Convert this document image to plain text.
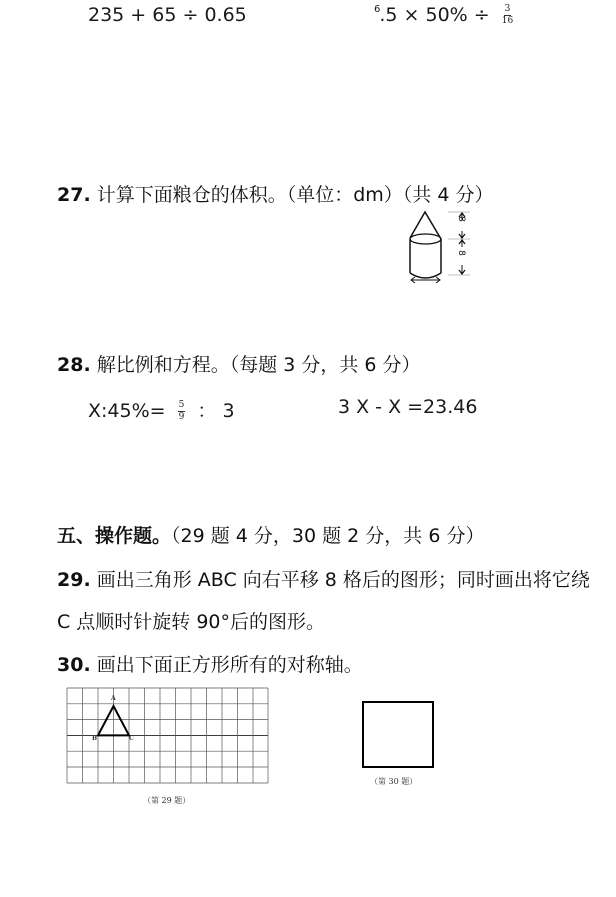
235 + 65 ÷ 0.65	$^6.5 \times 50\% \div \frac{3}{16}$
27. 计算下面粮仓的体积。（单位：dm）（共 4 分）
8
8
28. 解比例和方程。（每题 3 分，共 6 分）
X:45%= $\frac{5}{9}$ ： 3	3 X - X =23.46
五、操作题。（29 题 4 分，30 题 2 分，共 6 分）
29. 画出三角形 ABC 向右平移 8 格后的图形；同时画出将它绕
C 点顺时针旋转 90°后的图形。
30. 画出下面正方形所有的对称轴。
A
B	C
（第 29 题）
（第 30 题）
